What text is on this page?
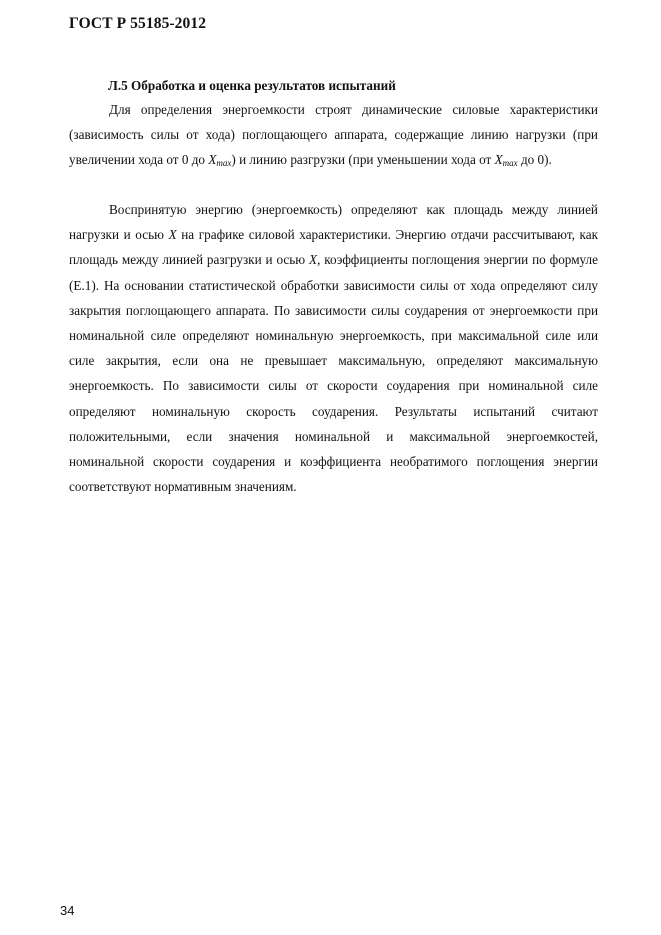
ГОСТ Р 55185-2012
Л.5 Обработка и оценка результатов испытаний

Для определения энергоемкости строят динамические силовые характеристики (зависимость силы от хода) поглощающего аппарата, содержащие линию нагрузки (при увеличении хода от 0 до $X_{max}$) и линию разгрузки (при уменьшении хода от $X_{max}$ до 0).

Воспринятую энергию (энергоемкость) определяют как площадь между линией нагрузки и осью X на графике силовой характеристики. Энергию отдачи рассчитывают, как площадь между линией разгрузки и осью X, коэффициенты поглощения энергии по формуле (Е.1). На основании статистической обработки зависимости силы от хода определяют силу закрытия поглощающего аппарата. По зависимости силы соударения от энергоемкости при номинальной силе определяют номинальную энергоемкость, при максимальной силе или силе закрытия, если она не превышает максимальную, определяют максимальную энергоемкость. По зависимости силы от скорости соударения при номинальной силе определяют номинальную скорость соударения. Результаты испытаний считают положительными, если значения номинальной и максимальной энергоемкостей, номинальной скорости соударения и коэффициента необратимого поглощения энергии соответствуют нормативным значениям.

34
